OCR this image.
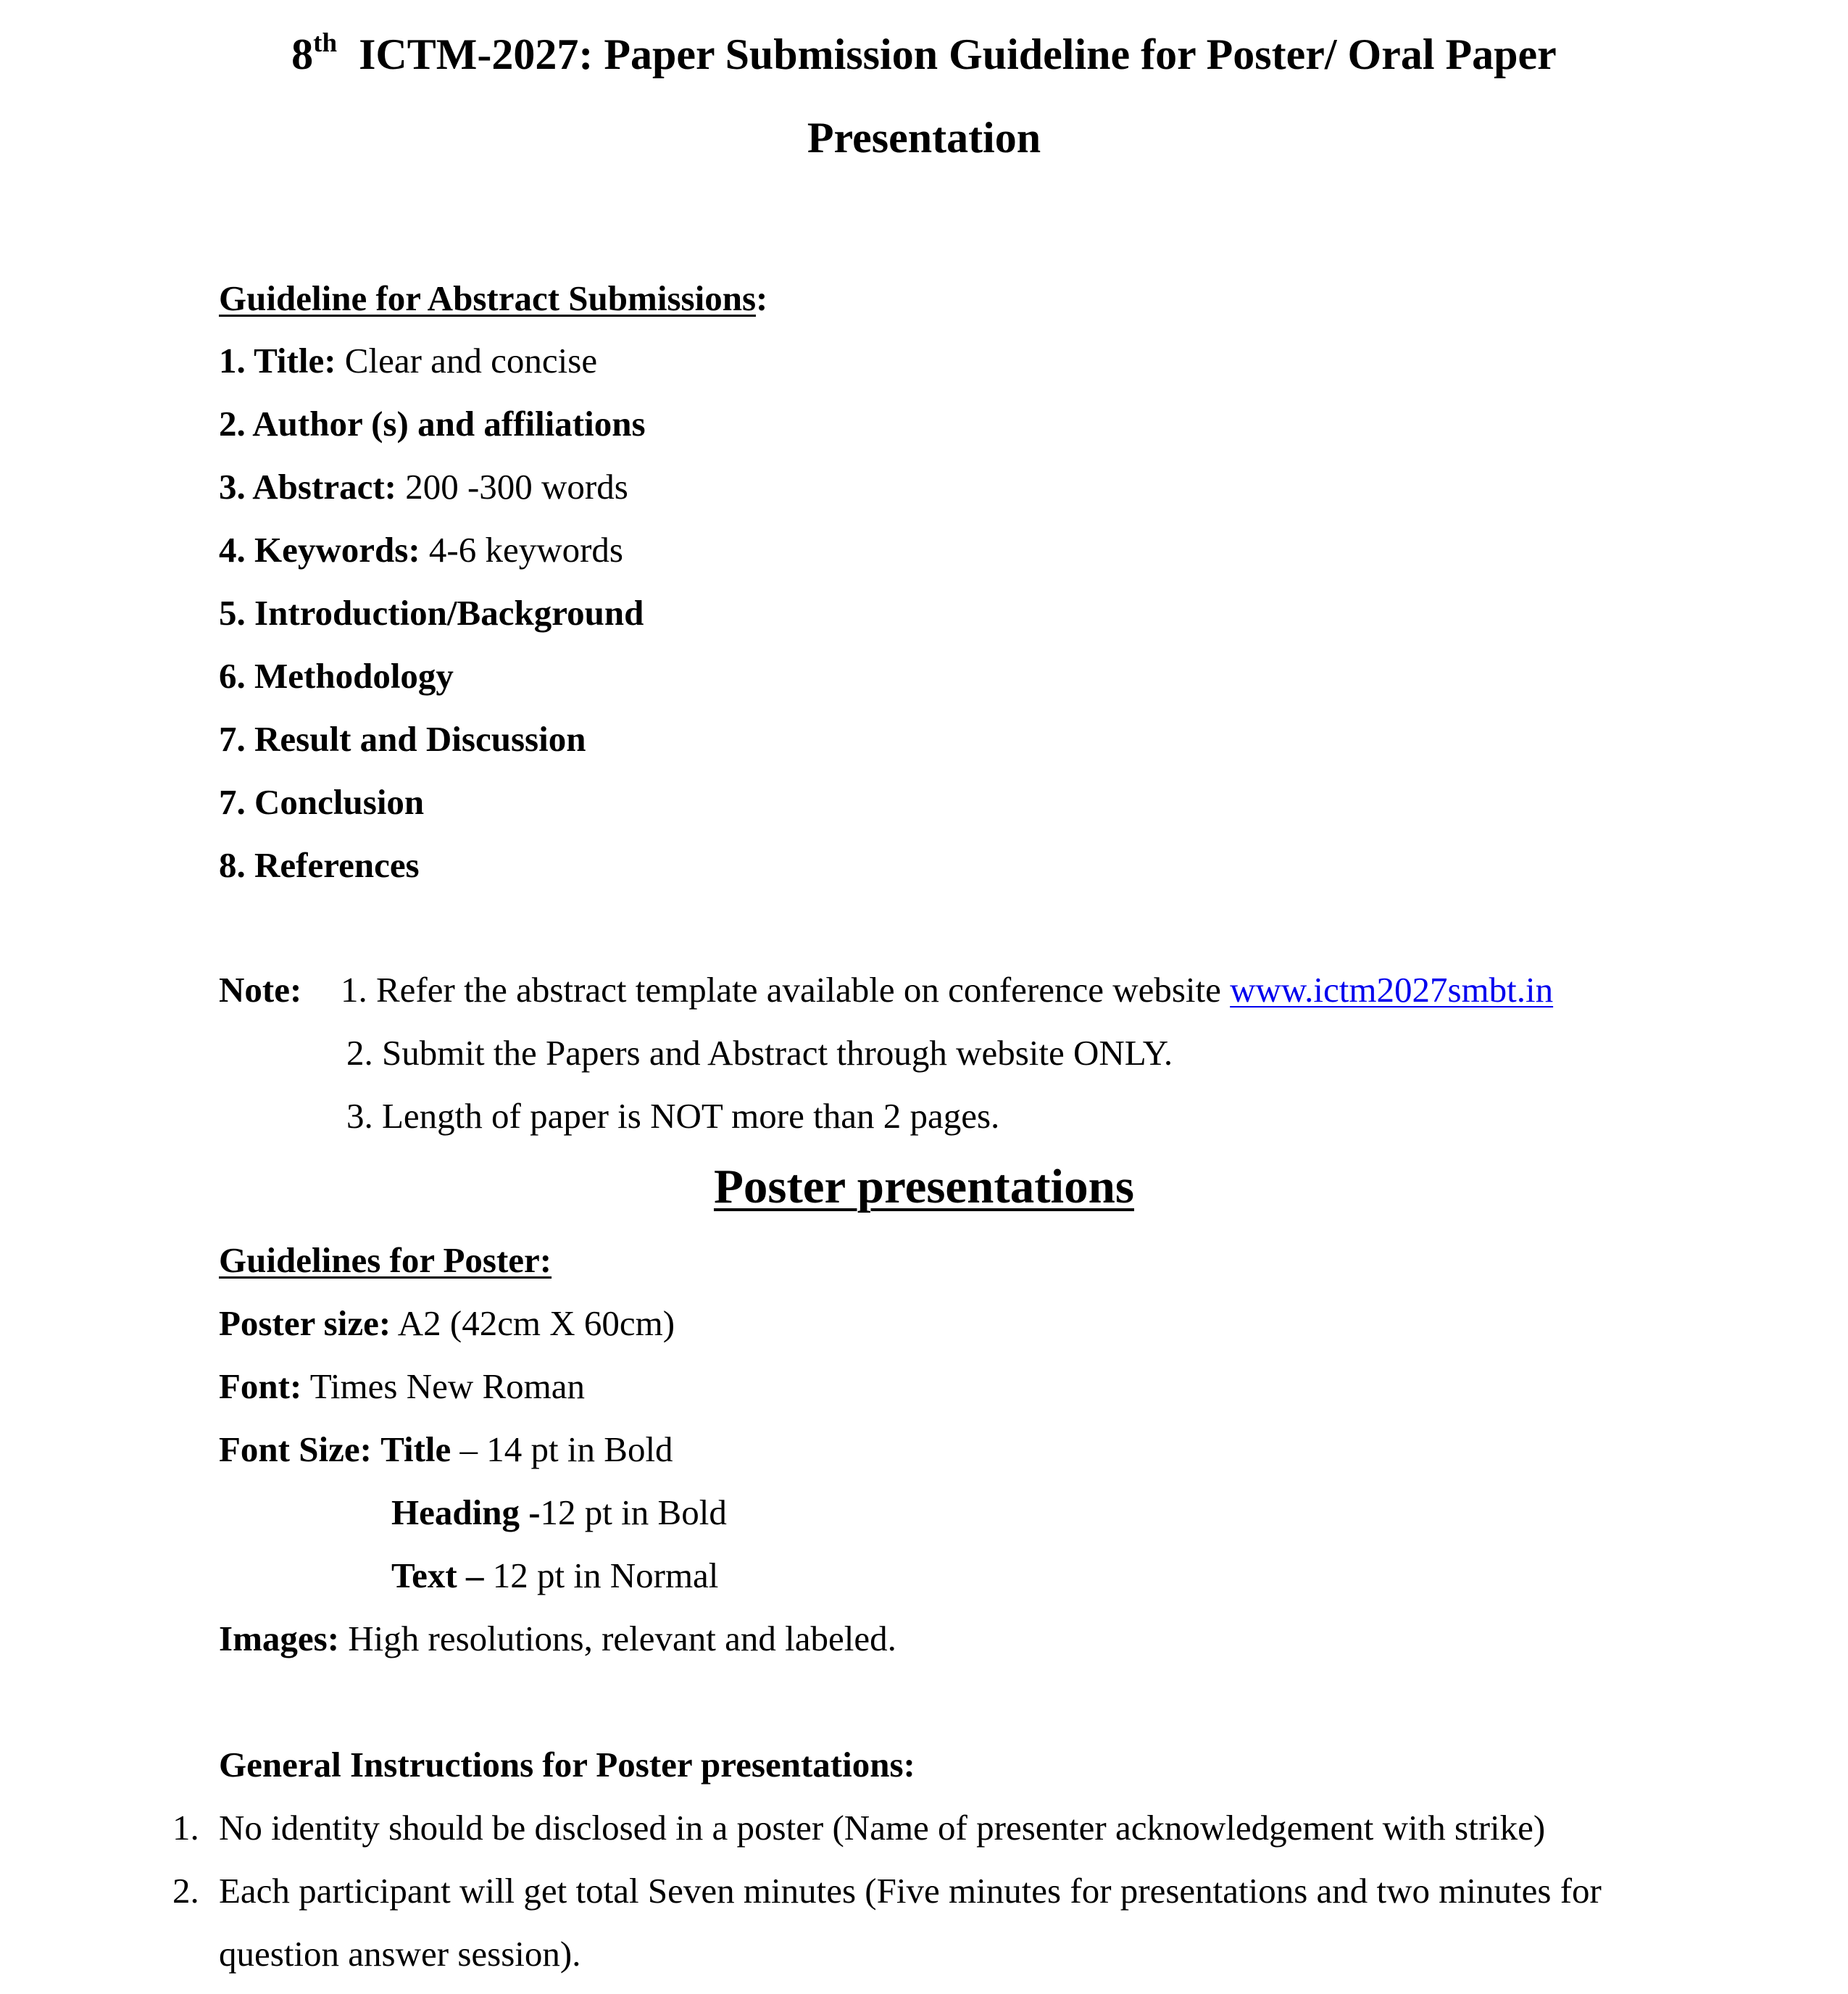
8th ICTM-2027: Paper Submission Guideline for Poster/ Oral Paper
Presentation
Guideline for Abstract Submissions:
1. Title: Clear and concise
2. Author (s) and affiliations
3. Abstract: 200 -300 words
4. Keywords: 4-6 keywords
5. Introduction/Background
6. Methodology
7. Result and Discussion
7. Conclusion
8. References
Note: 1. Refer the abstract template available on conference website www.ictm2027smbt.in
2. Submit the Papers and Abstract through website ONLY.
3. Length of paper is NOT more than 2 pages.
Poster presentations
Guidelines for Poster:
Poster size: A2 (42cm X 60cm)
Font: Times New Roman
Font Size: Title – 14 pt in Bold
Heading -12 pt in Bold
Text – 12 pt in Normal
Images: High resolutions, relevant and labeled.
General Instructions for Poster presentations:
1. No identity should be disclosed in a poster (Name of presenter acknowledgement with strike)
2. Each participant will get total Seven minutes (Five minutes for presentations and two minutes for
question answer session).
